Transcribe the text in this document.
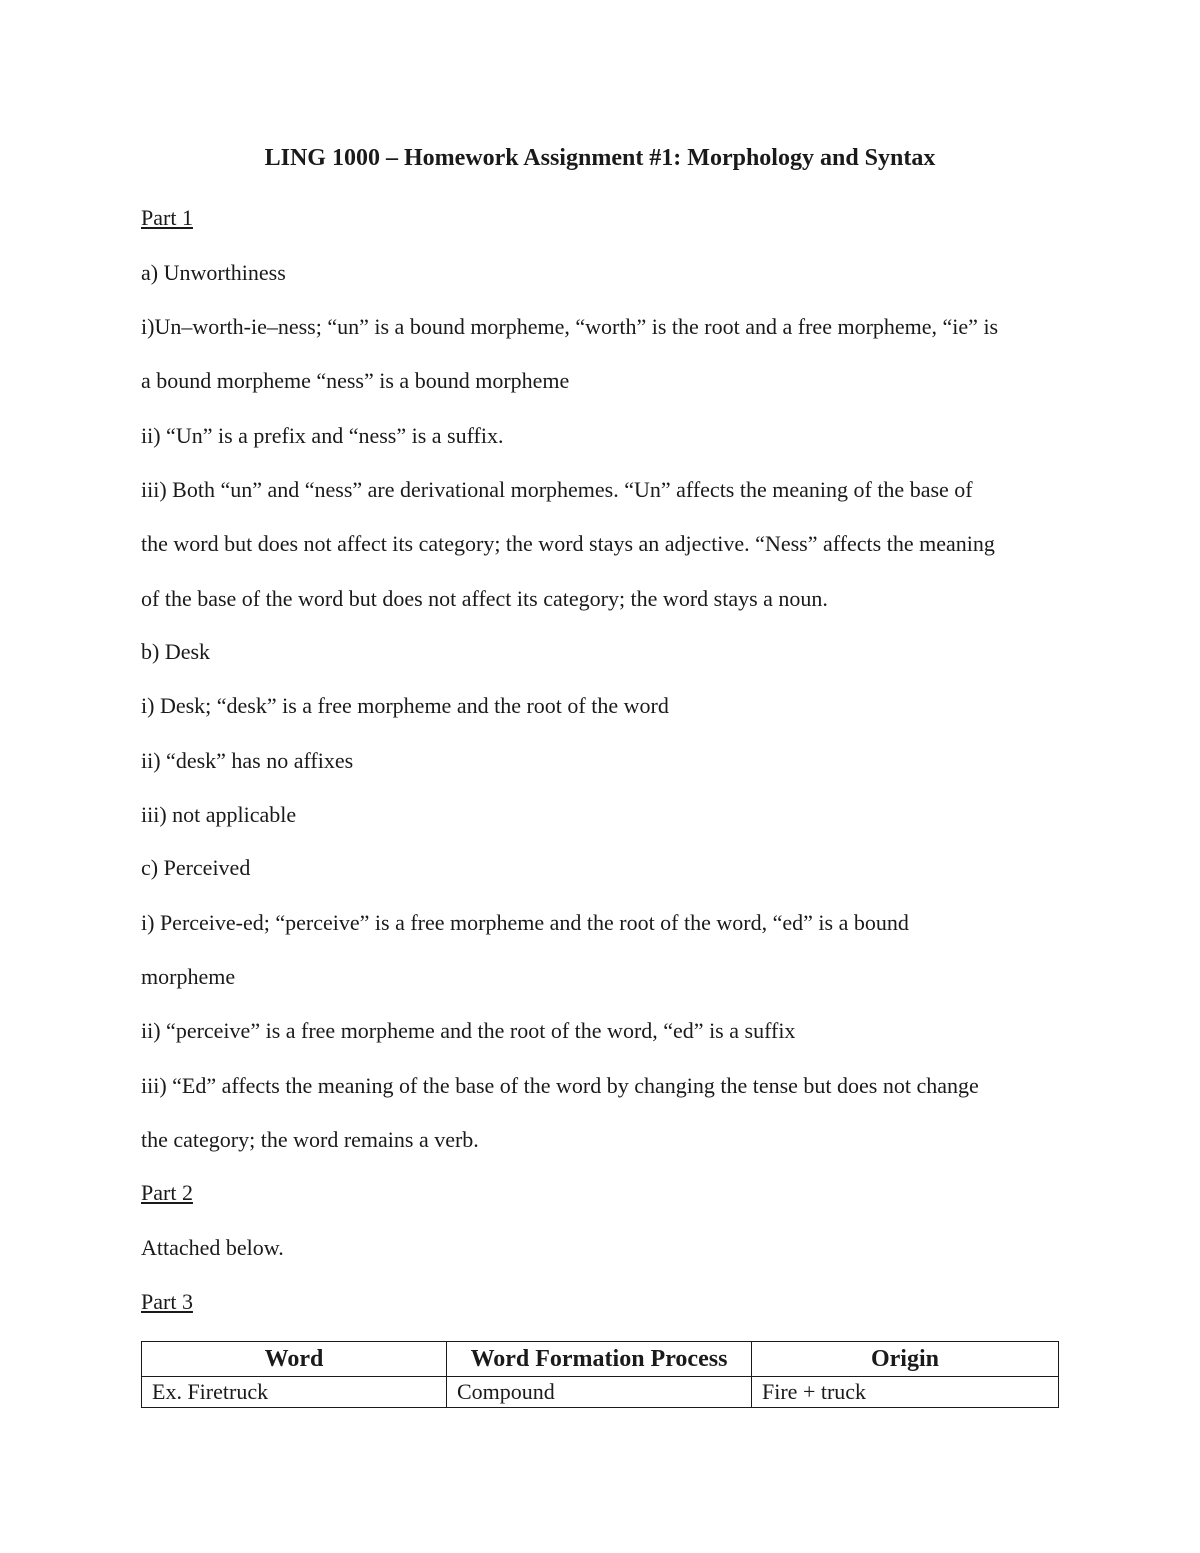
LING 1000 – Homework Assignment #1: Morphology and Syntax

Part 1

a) Unworthiness

i)Un–worth-ie–ness; “un” is a bound morpheme, “worth” is the root and a free morpheme, “ie” is

a bound morpheme “ness” is a bound morpheme

ii) “Un” is a prefix and “ness” is a suffix.

iii) Both “un” and “ness” are derivational morphemes. “Un” affects the meaning of the base of

the word but does not affect its category; the word stays an adjective. “Ness” affects the meaning

of the base of the word but does not affect its category; the word stays a noun.

b) Desk

i) Desk; “desk” is a free morpheme and the root of the word

ii) “desk” has no affixes

iii) not applicable

c) Perceived

i) Perceive-ed; “perceive” is a free morpheme and the root of the word, “ed” is a bound

morpheme

ii) “perceive” is a free morpheme and the root of the word, “ed” is a suffix

iii) “Ed” affects the meaning of the base of the word by changing the tense but does not change

the category; the word remains a verb.

Part 2

Attached below.

Part 3

Word	Word Formation Process	Origin
Ex. Firetruck	Compound	Fire + truck
